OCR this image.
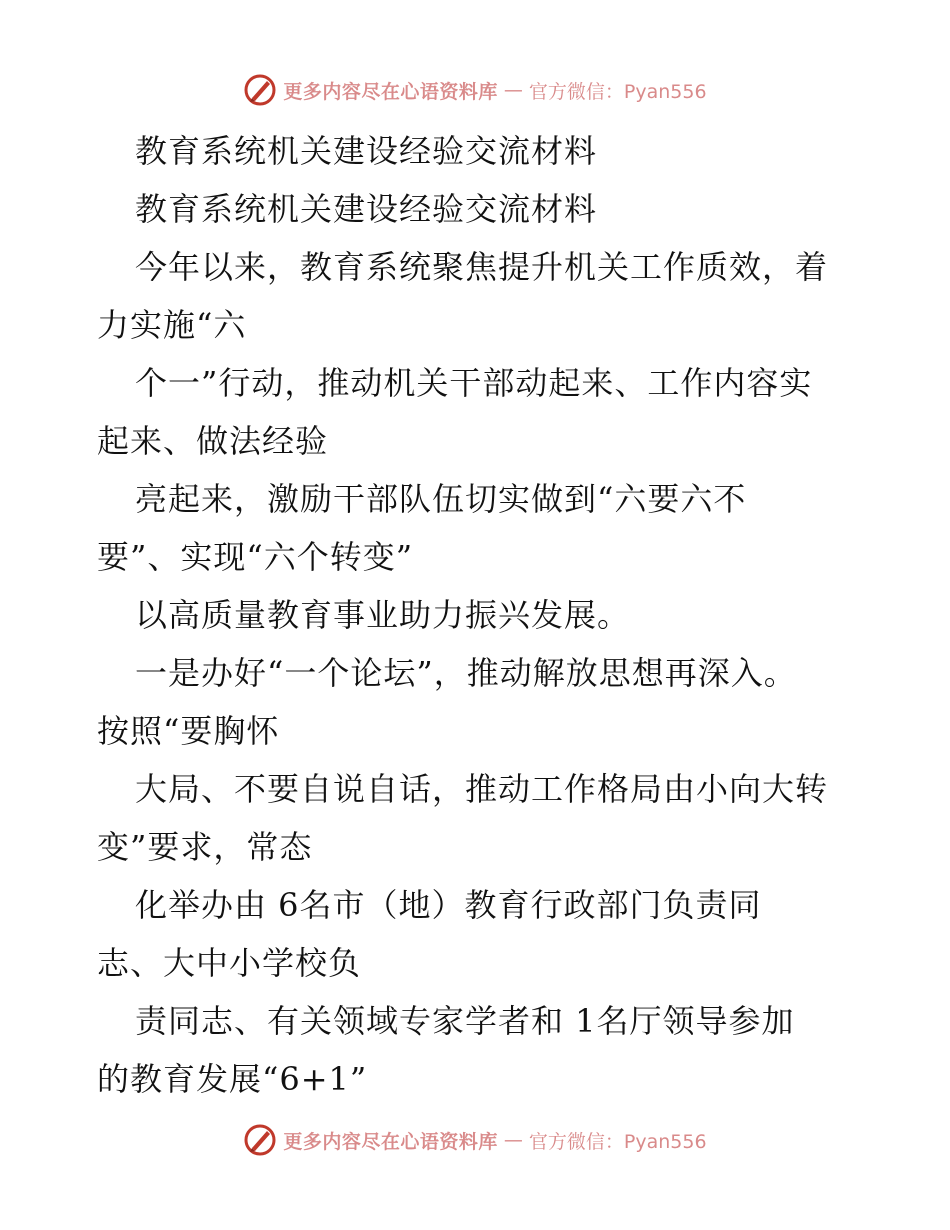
更多内容尽在心语资料库 — 官方微信：Pyan556
教育系统机关建设经验交流材料
教育系统机关建设经验交流材料
今年以来，教育系统聚焦提升机关工作质效，着
力实施“六
个一”行动，推动机关干部动起来、工作内容实
起来、做法经验
亮起来，激励干部队伍切实做到“六要六不
要”、实现“六个转变”
以高质量教育事业助力振兴发展。
一是办好“一个论坛”，推动解放思想再深入。
按照“要胸怀
大局、不要自说自话，推动工作格局由小向大转
变”要求，常态
化举办由 6名市（地）教育行政部门负责同
志、大中小学校负
责同志、有关领域专家学者和 1名厅领导参加
的教育发展“6+1”
更多内容尽在心语资料库 — 官方微信：Pyan556
